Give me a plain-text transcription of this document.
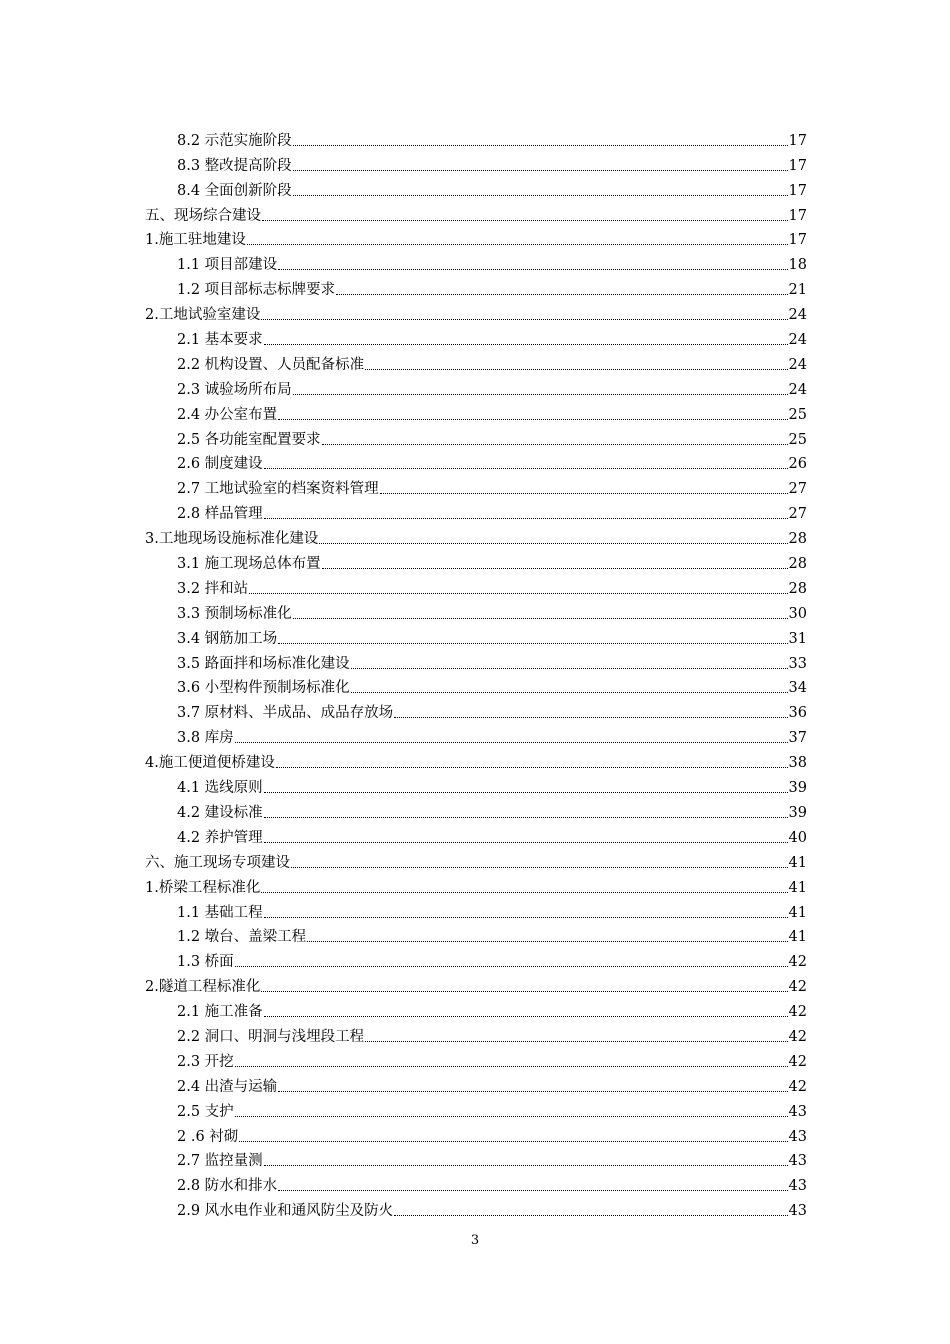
8.2 示范实施阶段	17
8.3 整改提高阶段	17
8.4 全面创新阶段	17
五、现场综合建设	17
1.施工驻地建设	17
1.1 项目部建设	18
1.2 项目部标志标牌要求	21
2.工地试验室建设	24
2.1 基本要求	24
2.2 机构设置、人员配备标准	24
2.3 诚验场所布局	24
2.4 办公室布置	25
2.5 各功能室配置要求	25
2.6 制度建设	26
2.7 工地试验室的档案资料管理	27
2.8 样品管理	27
3.工地现场设施标准化建设	28
3.1 施工现场总体布置	28
3.2 拌和站	28
3.3 预制场标准化	30
3.4 钢筋加工场	31
3.5 路面拌和场标准化建设	33
3.6 小型构件预制场标准化	34
3.7 原材料、半成品、成品存放场	36
3.8 库房	37
4.施工便道便桥建设	38
4.1 选线原则	39
4.2 建设标准	39
4.2 养护管理	40
六、施工现场专项建设	41
1.桥梁工程标准化	41
1.1 基础工程	41
1.2 墩台、盖梁工程	41
1.3 桥面	42
2.隧道工程标准化	42
2.1 施工准备	42
2.2 洞口、明洞与浅埋段工程	42
2.3 开挖	42
2.4 出渣与运输	42
2.5 支护	43
2 .6 衬砌	43
2.7 监控量测	43
2.8 防水和排水	43
2.9 风水电作业和通风防尘及防火	43
3
